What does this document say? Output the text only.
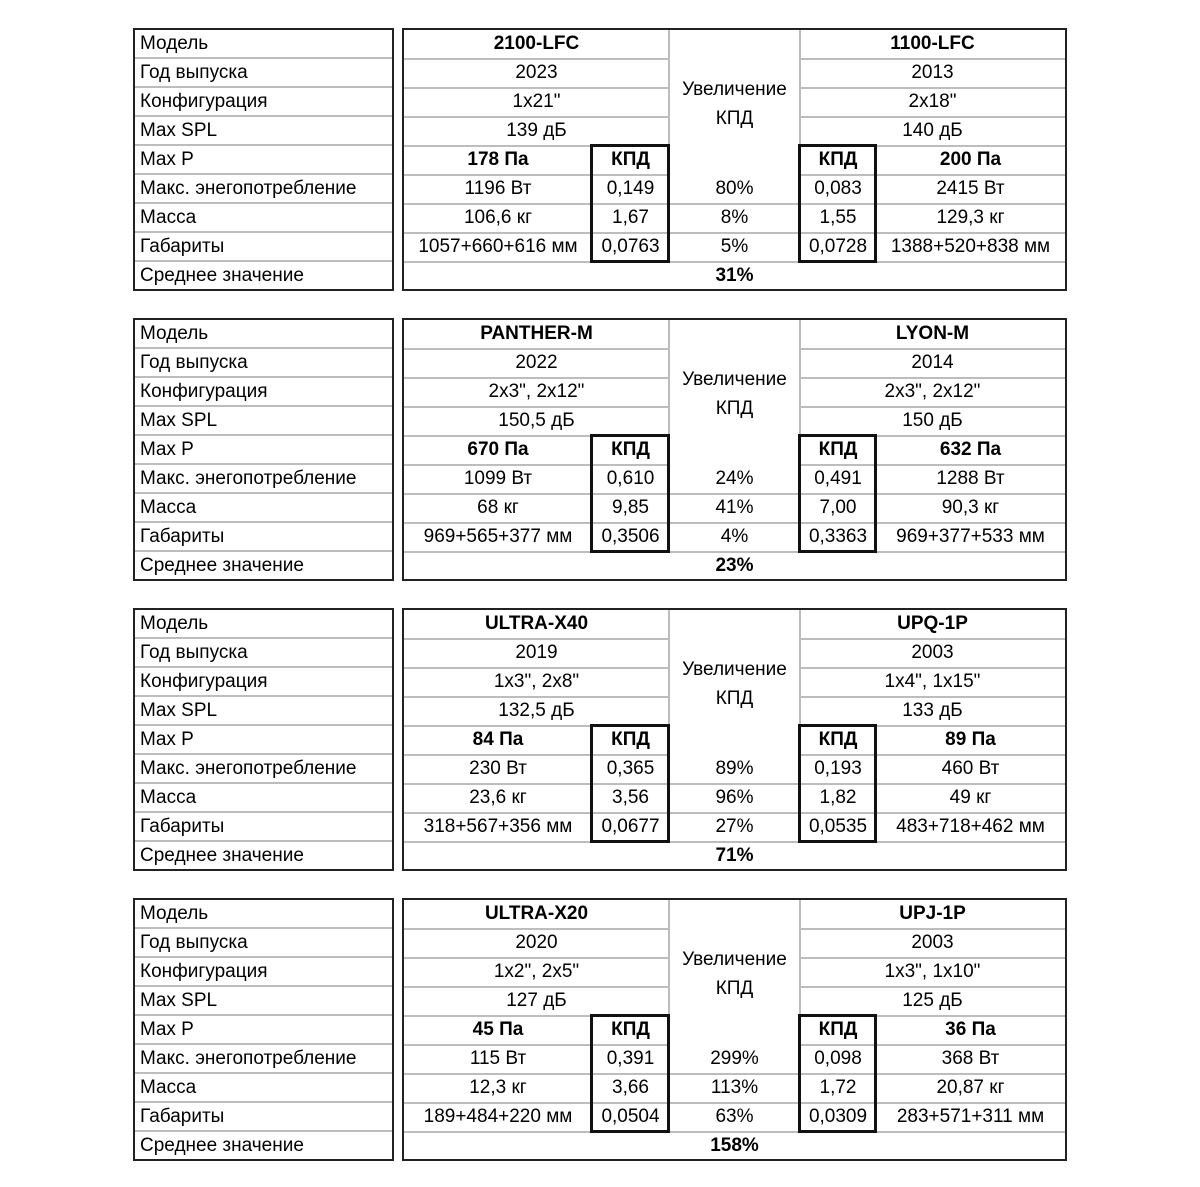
Модель
Год выпуска
Конфигурация
Max SPL
Max P
Макс. энегопотребление
Масса
Габариты
Среднее значение
2100-LFC
2023
1x21"
139 дБ
178 Па
1196 Вт
106,6 кг
1057+660+616 мм
КПД
0,149
1,67
0,0763
Увеличение
КПД
80%
8%
5%
1100-LFC
2013
2x18"
140 дБ
КПД
0,083
1,55
0,0728
200 Па
2415 Вт
129,3 кг
1388+520+838 мм
31%
Модель
Год выпуска
Конфигурация
Max SPL
Max P
Макс. энегопотребление
Масса
Габариты
Среднее значение
PANTHER-M
2022
2x3", 2x12"
150,5 дБ
670 Па
1099 Вт
68 кг
969+565+377 мм
КПД
0,610
9,85
0,3506
Увеличение
КПД
24%
41%
4%
LYON-M
2014
2x3", 2x12"
150 дБ
КПД
0,491
7,00
0,3363
632 Па
1288 Вт
90,3 кг
969+377+533 мм
23%
Модель
Год выпуска
Конфигурация
Max SPL
Max P
Макс. энегопотребление
Масса
Габариты
Среднее значение
ULTRA-X40
2019
1x3", 2x8"
132,5 дБ
84 Па
230 Вт
23,6 кг
318+567+356 мм
КПД
0,365
3,56
0,0677
Увеличение
КПД
89%
96%
27%
UPQ-1P
2003
1x4", 1x15"
133 дБ
КПД
0,193
1,82
0,0535
89 Па
460 Вт
49 кг
483+718+462 мм
71%
Модель
Год выпуска
Конфигурация
Max SPL
Max P
Макс. энегопотребление
Масса
Габариты
Среднее значение
ULTRA-X20
2020
1x2", 2x5"
127 дБ
45 Па
115 Вт
12,3 кг
189+484+220 мм
КПД
0,391
3,66
0,0504
Увеличение
КПД
299%
113%
63%
UPJ-1P
2003
1x3", 1x10"
125 дБ
КПД
0,098
1,72
0,0309
36 Па
368 Вт
20,87 кг
283+571+311 мм
158%
